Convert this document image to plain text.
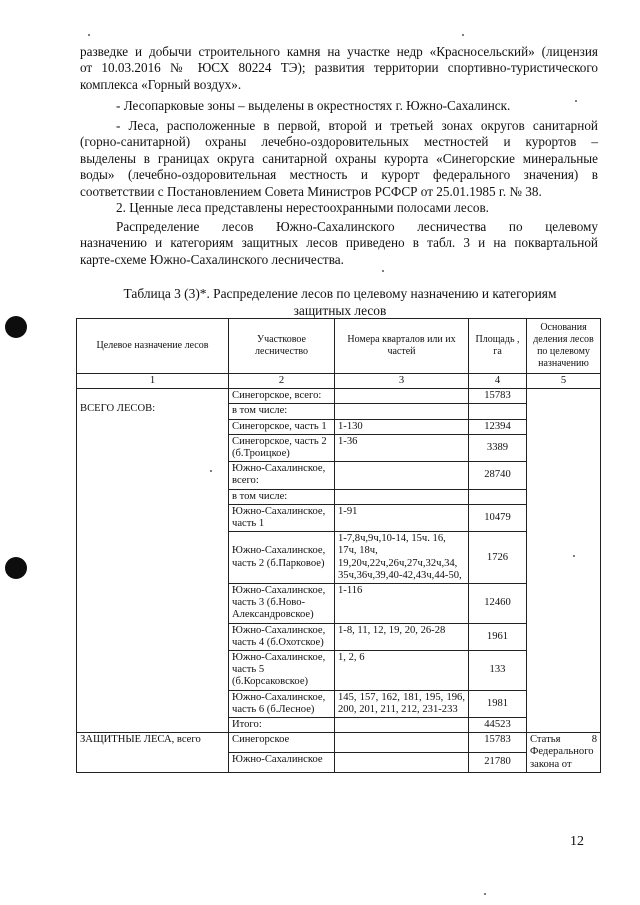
разведке и добычи строительного камня на участке недр «Красносельский» (лицензия
от 10.03.2016 № ЮСХ 80224 ТЭ); развития территории спортивно-туристического
комплекса «Горный воздух».
- Лесопарковые зоны – выделены в окрестностях г. Южно-Сахалинск.
- Леса, расположенные в первой, второй и третьей зонах округов санитарной
(горно-санитарной) охраны лечебно-оздоровительных местностей и курортов –
выделены в границах округа санитарной охраны курорта «Синегорские минеральные
воды» (лечебно-оздоровительная местность и курорт федерального значения) в
соответствии с Постановлением Совета Министров РСФСР от 25.01.1985 г. № 38.
2. Ценные леса представлены нерестоохранными полосами лесов.
Распределение лесов Южно-Сахалинского лесничества по целевому
назначению и категориям защитных лесов приведено в табл. 3 и на поквартальной
карте-схеме Южно-Сахалинского лесничества.
Таблица 3 (3)*. Распределение лесов по целевому назначению и категориям
защитных лесов
Целевое назначение лесов	Участковое лесничество	Номера кварталов или их частей	Площадь , га	Основания деления лесов по целевому назначению
1	2	3	4	5
ВСЕГО ЛЕСОВ:	Синегорское, всего:		15783	
	в том числе:			
	Синегорское, часть 1	1-130	12394	
	Синегорское, часть 2 (б.Троицкое)	1-36	3389	
	Южно-Сахалинское, всего:		28740	
	в том числе:			
	Южно-Сахалинское, часть 1	1-91	10479	
	Южно-Сахалинское, часть 2 (б.Парковое)	1-7,8ч,9ч,10-14, 15ч. 16, 17ч, 18ч, 19,20ч,22ч,26ч,27ч,32ч,34, 35ч,36ч,39,40-42,43ч,44-50,	1726	
	Южно-Сахалинское, часть 3 (б.Ново-Александровское)	1-116	12460	
	Южно-Сахалинское, часть 4 (б.Охотское)	1-8, 11, 12, 19, 20, 26-28	1961	
	Южно-Сахалинское, часть 5 (б.Корсаковское)	1, 2, 6	133	
	Южно-Сахалинское, часть 6 (б.Лесное)	145, 157, 162, 181, 195, 196, 200, 201, 211, 212, 231-233	1981	
	Итого:		44523	
ЗАЩИТНЫЕ ЛЕСА, всего	Синегорское		15783	Статья 8 Федерального закона от
	Южно-Сахалинское		21780	
12
